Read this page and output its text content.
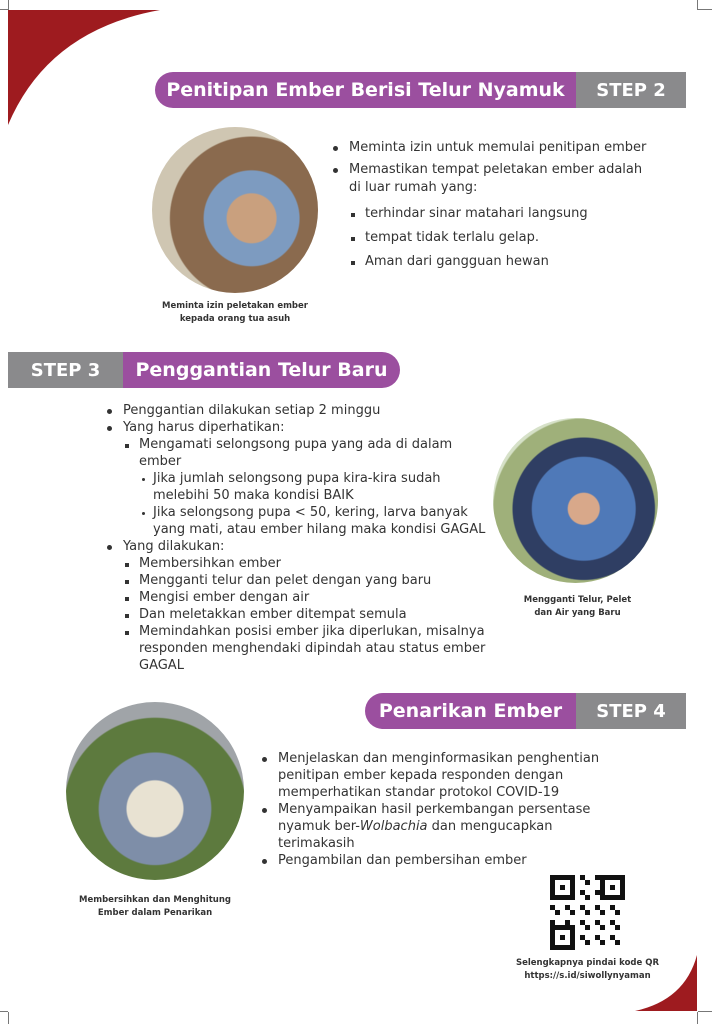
Penitipan Ember Berisi Telur Nyamuk	STEP 2
Meminta izin peletakan ember
kepada orang tua asuh
Meminta izin untuk memulai penitipan ember
Memastikan tempat peletakan ember adalah di luar rumah yang:
terhindar sinar matahari langsung
tempat tidak terlalu gelap.
Aman dari gangguan hewan
STEP 3	Penggantian Telur Baru
Penggantian dilakukan setiap 2 minggu
Yang harus diperhatikan:
Mengamati selongsong pupa yang ada di dalam ember
Jika jumlah selongsong pupa kira-kira sudah melebihi 50 maka kondisi BAIK
Jika selongsong pupa < 50, kering, larva banyak yang mati, atau ember hilang maka kondisi GAGAL
Yang dilakukan:
Membersihkan ember
Mengganti telur dan pelet dengan yang baru
Mengisi ember dengan air
Dan meletakkan ember ditempat semula
Memindahkan posisi ember jika diperlukan, misalnya responden menghendaki dipindah atau status ember GAGAL
Mengganti Telur, Pelet
dan Air yang Baru
Penarikan Ember	STEP 4
Membersihkan dan Menghitung
Ember dalam Penarikan
Menjelaskan dan menginformasikan penghentian penitipan ember kepada responden dengan memperhatikan standar protokol COVID-19
Menyampaikan hasil perkembangan persentase nyamuk ber-Wolbachia dan mengucapkan terimakasih
Pengambilan dan pembersihan ember
Selengkapnya pindai kode QR
https://s.id/siwollynyaman
